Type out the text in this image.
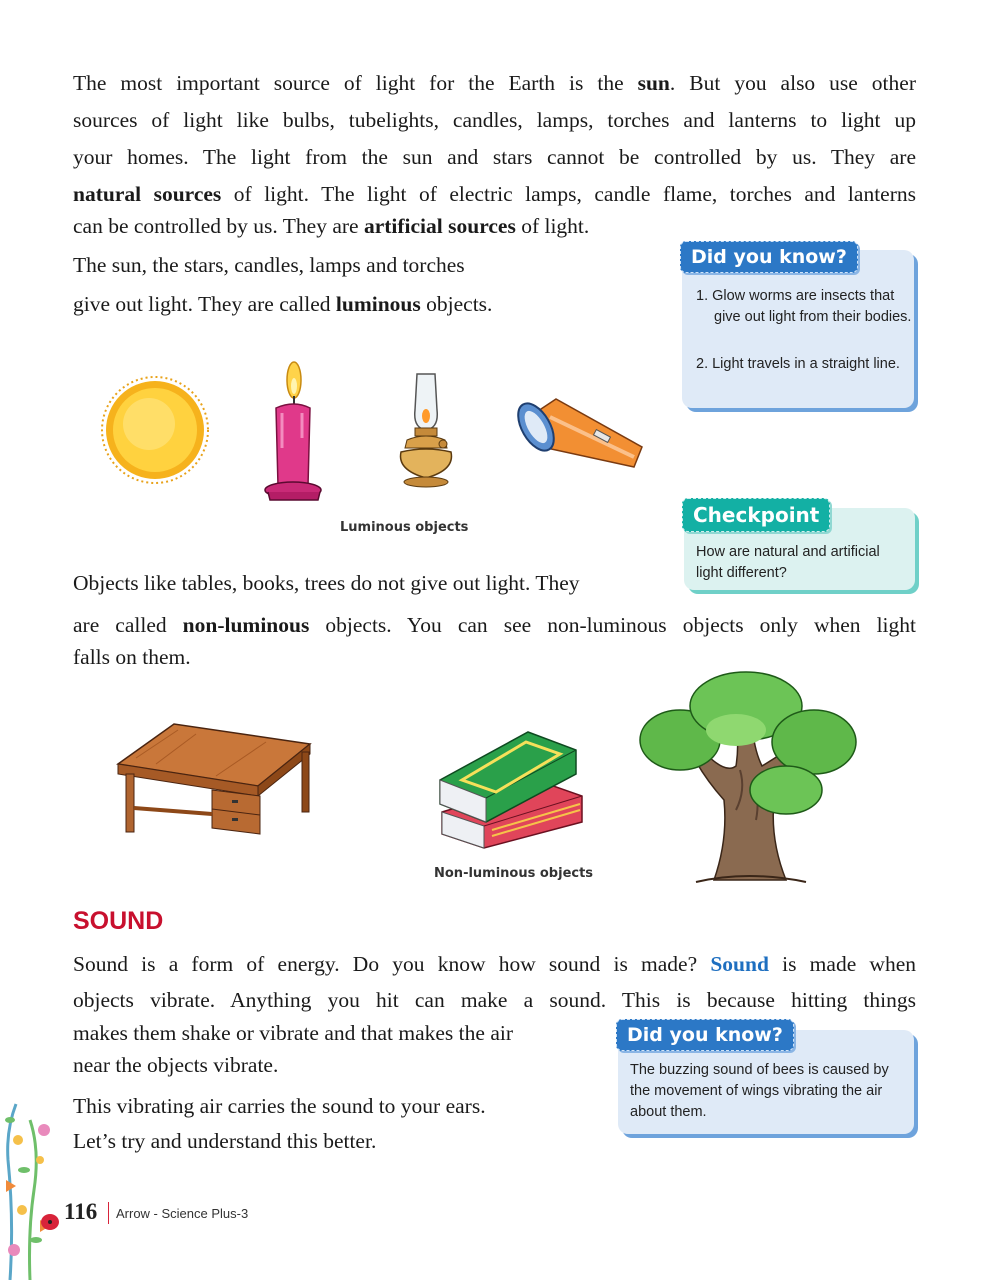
The most important source of light for the Earth is the sun. But you also use other
sources of light like bulbs, tubelights, candles, lamps, torches and lanterns to light up
your homes. The light from the sun and stars cannot be controlled by us. They are
natural sources of light. The light of electric lamps, candle flame, torches and lanterns
can be controlled by us. They are artificial sources of light.
The sun, the stars, candles, lamps and torches
give out light. They are called luminous objects.	1. Glow worms are insects that give out light from their bodies.
2. Light travels in a straight line.
Did you know?
Luminous objects
How are natural and artificial light different?
Checkpoint
Objects like tables, books, trees do not give out light. They
are called non-luminous objects. You can see non-luminous objects only when light
falls on them.
Non-luminous objects
SOUND
Sound is a form of energy. Do you know how sound is made? Sound is made when
objects vibrate. Anything you hit can make a sound. This is because hitting things
makes them shake or vibrate and that makes the air
near the objects vibrate.
This vibrating air carries the sound to your ears.
Let’s try and understand this better.
The buzzing sound of bees is caused by the movement of wings vibrating the air about them.
Did you know?
116 Arrow - Science Plus-3
